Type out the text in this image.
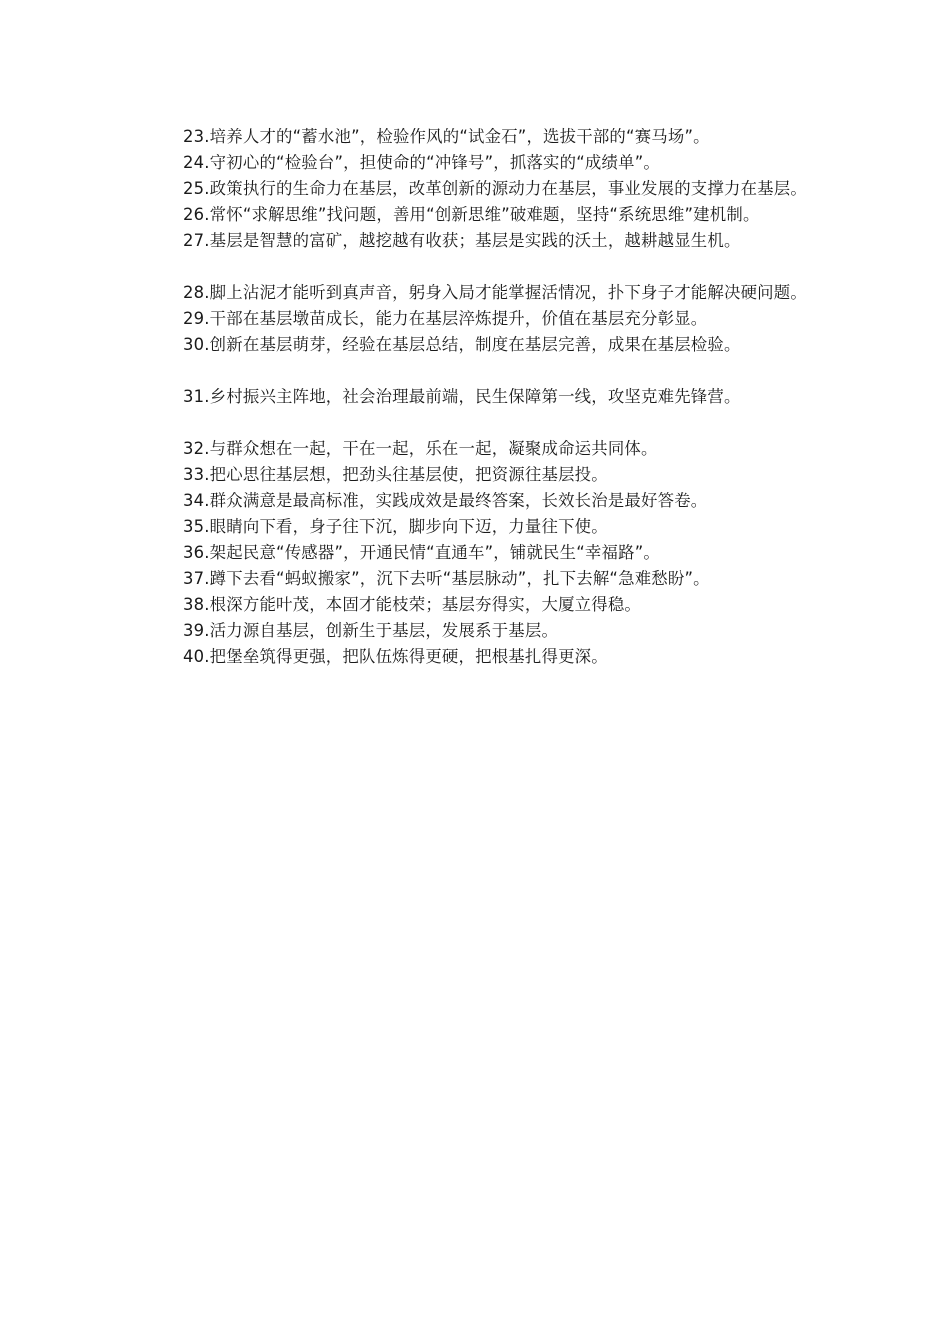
23.培养人才的“蓄水池”，检验作风的“试金石”，选拔干部的“赛马场”。

24.守初心的“检验台”，担使命的“冲锋号”，抓落实的“成绩单”。

25.政策执行的生命力在基层，改革创新的源动力在基层，事业发展的支撑力在基层。

26.常怀“求解思维”找问题，善用“创新思维”破难题，坚持“系统思维”建机制。

27.基层是智慧的富矿，越挖越有收获；基层是实践的沃土，越耕越显生机。

28.脚上沾泥才能听到真声音，躬身入局才能掌握活情况，扑下身子才能解决硬问题。

29.干部在基层墩苗成长，能力在基层淬炼提升，价值在基层充分彰显。

30.创新在基层萌芽，经验在基层总结，制度在基层完善，成果在基层检验。

31.乡村振兴主阵地，社会治理最前端，民生保障第一线，攻坚克难先锋营。

32.与群众想在一起，干在一起，乐在一起，凝聚成命运共同体。

33.把心思往基层想，把劲头往基层使，把资源往基层投。

34.群众满意是最高标准，实践成效是最终答案，长效长治是最好答卷。

35.眼睛向下看，身子往下沉，脚步向下迈，力量往下使。

36.架起民意“传感器”，开通民情“直通车”，铺就民生“幸福路”。

37.蹲下去看“蚂蚁搬家”，沉下去听“基层脉动”，扎下去解“急难愁盼”。

38.根深方能叶茂，本固才能枝荣；基层夯得实，大厦立得稳。

39.活力源自基层，创新生于基层，发展系于基层。

40.把堡垒筑得更强，把队伍炼得更硬，把根基扎得更深。
